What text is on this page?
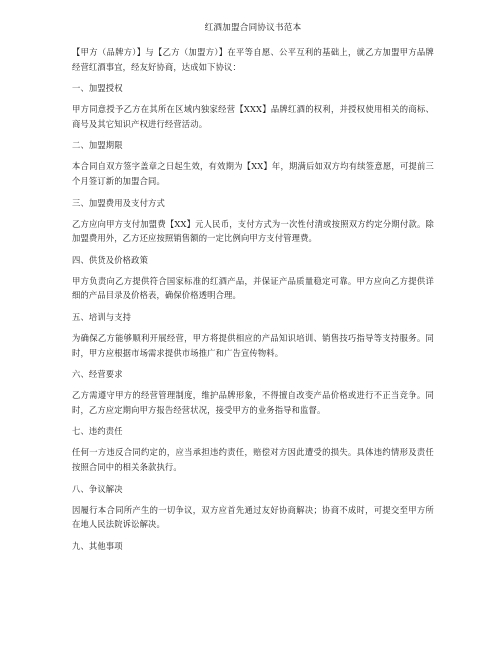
红酒加盟合同协议书范本
【甲方（品牌方）】与【乙方（加盟方）】在平等自愿、公平互利的基础上，就乙方加盟甲方品牌经营红酒事宜，经友好协商，达成如下协议：
一、加盟授权
甲方同意授予乙方在其所在区域内独家经营【XXX】品牌红酒的权利，并授权使用相关的商标、商号及其它知识产权进行经营活动。
二、加盟期限
本合同自双方签字盖章之日起生效，有效期为【XX】年，期满后如双方均有续签意愿，可提前三个月签订新的加盟合同。
三、加盟费用及支付方式
乙方应向甲方支付加盟费【XX】元人民币，支付方式为一次性付清或按照双方约定分期付款。除加盟费用外，乙方还应按照销售额的一定比例向甲方支付管理费。
四、供货及价格政策
甲方负责向乙方提供符合国家标准的红酒产品，并保证产品质量稳定可靠。甲方应向乙方提供详细的产品目录及价格表，确保价格透明合理。
五、培训与支持
为确保乙方能够顺利开展经营，甲方将提供相应的产品知识培训、销售技巧指导等支持服务。同时，甲方应根据市场需求提供市场推广和广告宣传物料。
六、经营要求
乙方需遵守甲方的经营管理制度，维护品牌形象，不得擅自改变产品价格或进行不正当竞争。同时，乙方应定期向甲方报告经营状况，接受甲方的业务指导和监督。
七、违约责任
任何一方违反合同约定的，应当承担违约责任，赔偿对方因此遭受的损失。具体违约情形及责任按照合同中的相关条款执行。
八、争议解决
因履行本合同所产生的一切争议，双方应首先通过友好协商解决；协商不成时，可提交至甲方所在地人民法院诉讼解决。
九、其他事项
